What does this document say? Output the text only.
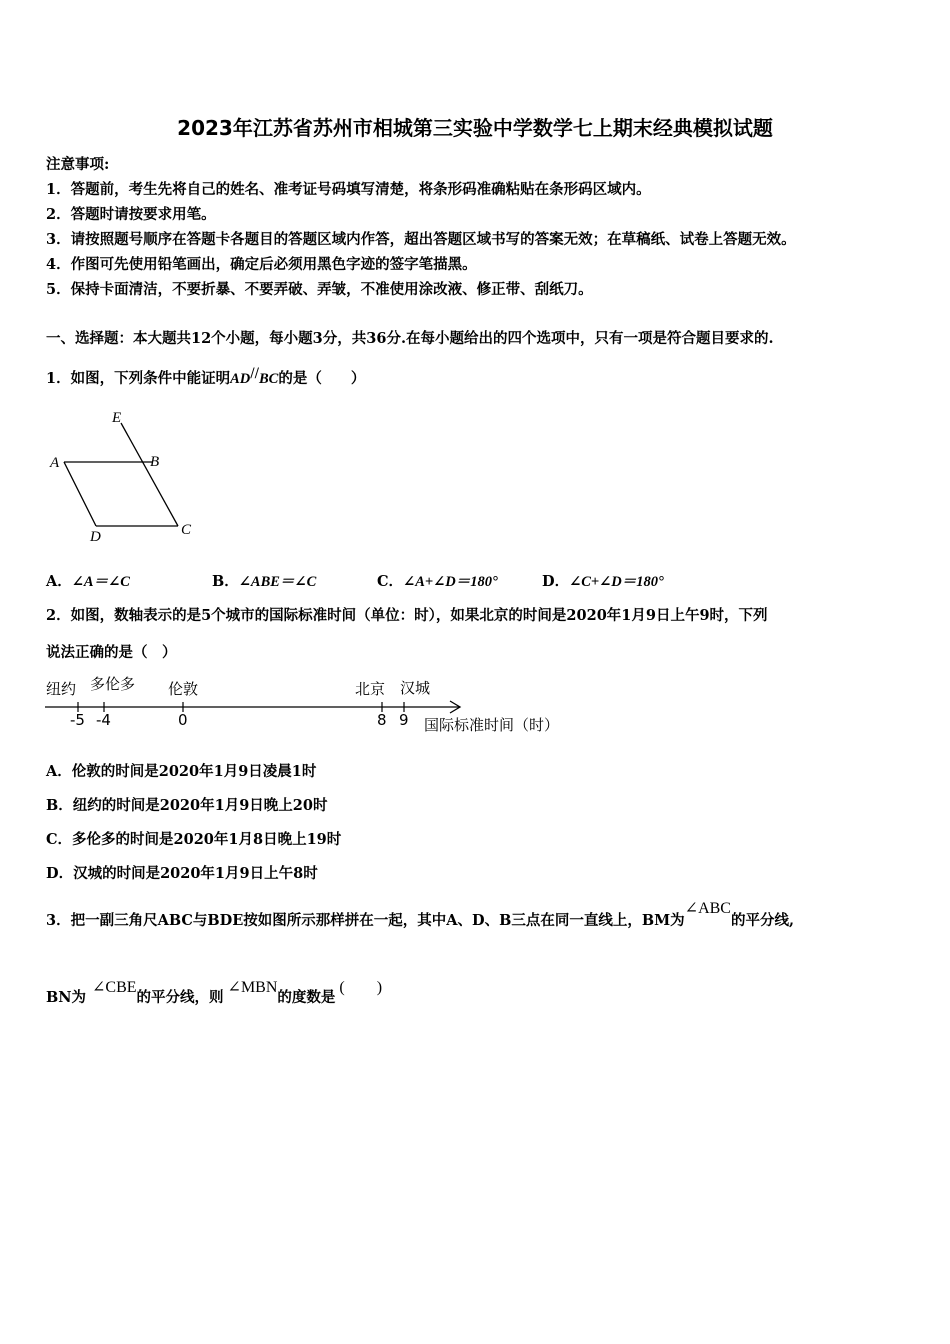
2023年江苏省苏州市相城第三实验中学数学七上期末经典模拟试题
注意事项:
1．答题前，考生先将自己的姓名、准考证号码填写清楚，将条形码准确粘贴在条形码区域内。
2．答题时请按要求用笔。
3．请按照题号顺序在答题卡各题目的答题区域内作答，超出答题区域书写的答案无效；在草稿纸、试卷上答题无效。
4．作图可先使用铅笔画出，确定后必须用黑色字迹的签字笔描黑。
5．保持卡面清洁，不要折暴、不要弄破、弄皱，不准使用涂改液、修正带、刮纸刀。
一、选择题：本大题共12个小题，每小题3分，共36分.在每小题给出的四个选项中，只有一项是符合题目要求的.
1．如图，下列条件中能证明AD//BC的是（　　）
E
A	B
D	C
A．∠A＝∠C	B．∠ABE＝∠C	C．∠A+∠D＝180°	D．∠C+∠D＝180°
2．如图，数轴表示的是5个城市的国际标准时间（单位：时），如果北京的时间是2020年1月9日上午9时，下列
说法正确的是（　）
纽约 多伦多 伦敦	北京 汉城
-5 -4	0	8 9 国际标准时间（时）
A．伦敦的时间是2020年1月9日凌晨1时
B．纽约的时间是2020年1月9日晚上20时
C．多伦多的时间是2020年1月8日晚上19时
D．汉城的时间是2020年1月9日上午8时
3．把一副三角尺ABC与BDE按如图所示那样拼在一起，其中A、D、B三点在同一直线上，BM为∠ABC的平分线,
BN为∠CBE的平分线，则∠MBN的度数是(　　)
